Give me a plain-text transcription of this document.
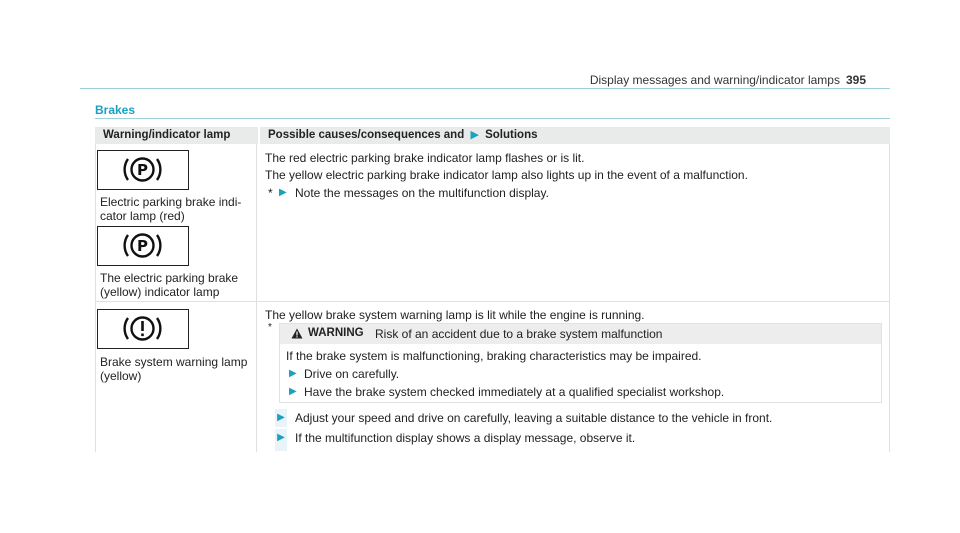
Display messages and warning/indicator lamps 395
Brakes
Warning/indicator lamp	Possible causes/consequences and ▶ Solutions
P
Electric parking brake indi-
cator lamp (red)
P
The electric parking brake
(yellow) indicator lamp
The red electric parking brake indicator lamp flashes or is lit.
The yellow electric parking brake indicator lamp also lights up in the event of a malfunction.
* ▶ Note the messages on the multifunction display.
Brake system warning lamp
(yellow)
The yellow brake system warning lamp is lit while the engine is running.
*	WARNING Risk of an accident due to a brake system malfunction
If the brake system is malfunctioning, braking characteristics may be impaired.
▶ Drive on carefully.
▶ Have the brake system checked immediately at a qualified specialist workshop.
▶ Adjust your speed and drive on carefully, leaving a suitable distance to the vehicle in front.
▶ If the multifunction display shows a display message, observe it.
